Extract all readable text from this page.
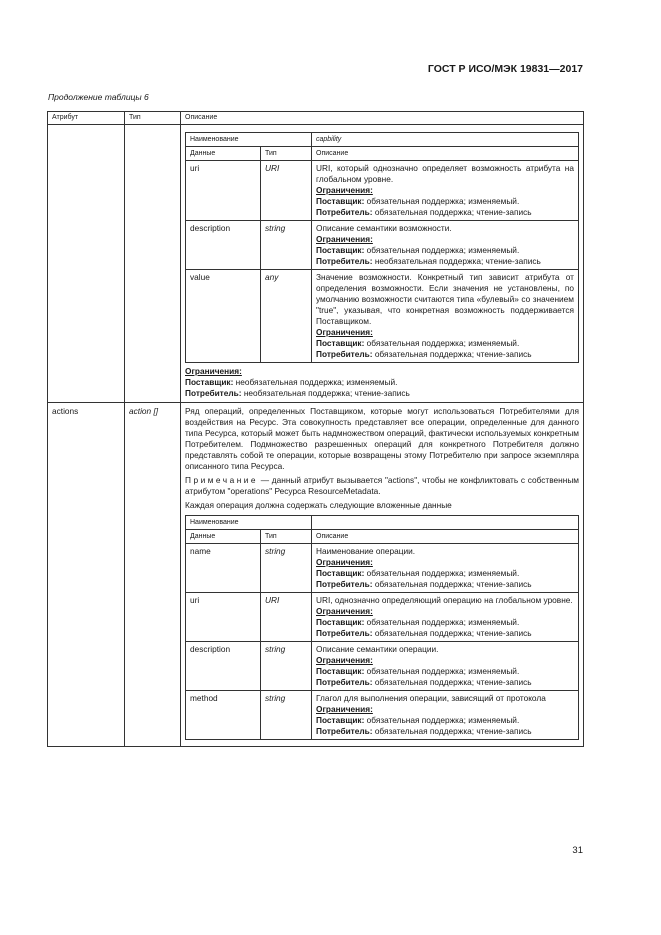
ГОСТ Р ИСО/МЭК 19831—2017
Продолжение таблицы 6
Атрибут	Тип	Описание

Наименование	capbility
Данные	Тип	Описание
uri	URI	URI, который однозначно определяет возможность атрибута на глобальном уровне.

Ограничения:

Поставщик: обязательная поддержка; изменяемый.

Потребитель: обязательная поддержка; чтение-запись

description	string	Описание семантики возможности.

Ограничения:

Поставщик: обязательная поддержка; изменяемый.

Потребитель: необязательная поддержка; чтение-запись

value	any	Значение возможности. Конкретный тип зависит атрибута от определения возможности. Если значения не установлены, по умолчанию возможности считаются типа «булевый» со значением "true", указывая, что конкретная возможность поддерживается Поставщиком.

Ограничения:

Поставщик: обязательная поддержка; изменяемый.

Потребитель: обязательная поддержка; чтение-запись

Ограничения:

Поставщик: необязательная поддержка; изменяемый.

Потребитель: необязательная поддержка; чтение-запись

actions	action []	Ряд операций, определенных Поставщиком, которые могут использоваться Потребителями для воздействия на Ресурс. Эта совокупность представляет все операции, определенные для данного типа Ресурса, который может быть надмножеством операций, фактически используемых конкретным Потребителем. Подмножество разрешенных операций для конкретного Потребителя должно представлять собой те операции, которые возвращены этому Потребителю при запросе экземпляра описанного типа Ресурса.

Примечание — данный атрибут вызывается "actions", чтобы не конфликтовать с собственным атрибутом "operations" Ресурса ResourceMetadata.

Каждая операция должна содержать следующие вложенные данные

Наименование	
Данные	Тип	Описание
name	string	Наименование операции.

Ограничения:

Поставщик: обязательная поддержка; изменяемый.

Потребитель: обязательная поддержка; чтение-запись

uri	URI	URI, однозначно определяющий операцию на глобальном уровне.

Ограничения:

Поставщик: обязательная поддержка; изменяемый.

Потребитель: обязательная поддержка; чтение-запись

description	string	Описание семантики операции.

Ограничения:

Поставщик: обязательная поддержка; изменяемый.

Потребитель: обязательная поддержка; чтение-запись

method	string	Глагол для выполнения операции, зависящий от протокола

Ограничения:

Поставщик: обязательная поддержка; изменяемый.

Потребитель: обязательная поддержка; чтение-запись

31
